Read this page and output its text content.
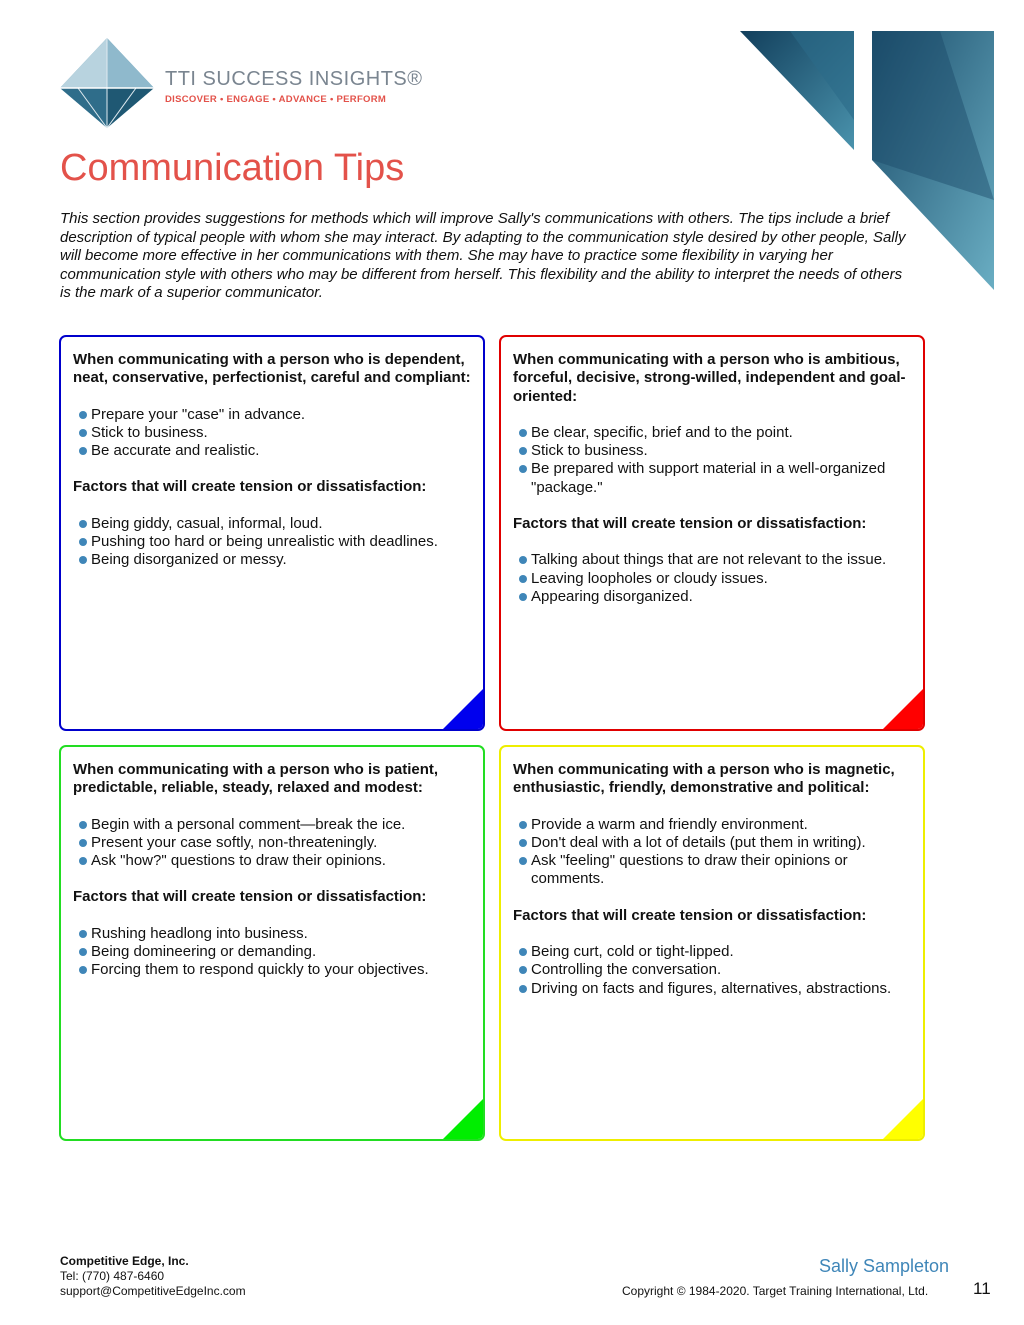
TTI SUCCESS INSIGHTS®
DISCOVER • ENGAGE • ADVANCE • PERFORM
Communication Tips
This section provides suggestions for methods which will improve Sally's communications with others. The tips include a brief description of typical people with whom she may interact. By adapting to the communication style desired by other people, Sally will become more effective in her communications with them. She may have to practice some flexibility in varying her communication style with others who may be different from herself. This flexibility and the ability to interpret the needs of others is the mark of a superior communicator.
When communicating with a person who is dependent, neat, conservative, perfectionist, careful and compliant:
Prepare your "case" in advance.
Stick to business.
Be accurate and realistic.
Factors that will create tension or dissatisfaction:
Being giddy, casual, informal, loud.
Pushing too hard or being unrealistic with deadlines.
Being disorganized or messy.
When communicating with a person who is ambitious, forceful, decisive, strong-willed, independent and goal-oriented:
Be clear, specific, brief and to the point.
Stick to business.
Be prepared with support material in a well-organized "package."
Factors that will create tension or dissatisfaction:
Talking about things that are not relevant to the issue.
Leaving loopholes or cloudy issues.
Appearing disorganized.
When communicating with a person who is patient, predictable, reliable, steady, relaxed and modest:
Begin with a personal comment—break the ice.
Present your case softly, non-threateningly.
Ask "how?" questions to draw their opinions.
Factors that will create tension or dissatisfaction:
Rushing headlong into business.
Being domineering or demanding.
Forcing them to respond quickly to your objectives.
When communicating with a person who is magnetic, enthusiastic, friendly, demonstrative and political:
Provide a warm and friendly environment.
Don't deal with a lot of details (put them in writing).
Ask "feeling" questions to draw their opinions or comments.
Factors that will create tension or dissatisfaction:
Being curt, cold or tight-lipped.
Controlling the conversation.
Driving on facts and figures, alternatives, abstractions.
Competitive Edge, Inc.
Tel: (770) 487-6460
support@CompetitiveEdgeInc.com
Sally Sampleton
Copyright © 1984-2020. Target Training International, Ltd.	11
